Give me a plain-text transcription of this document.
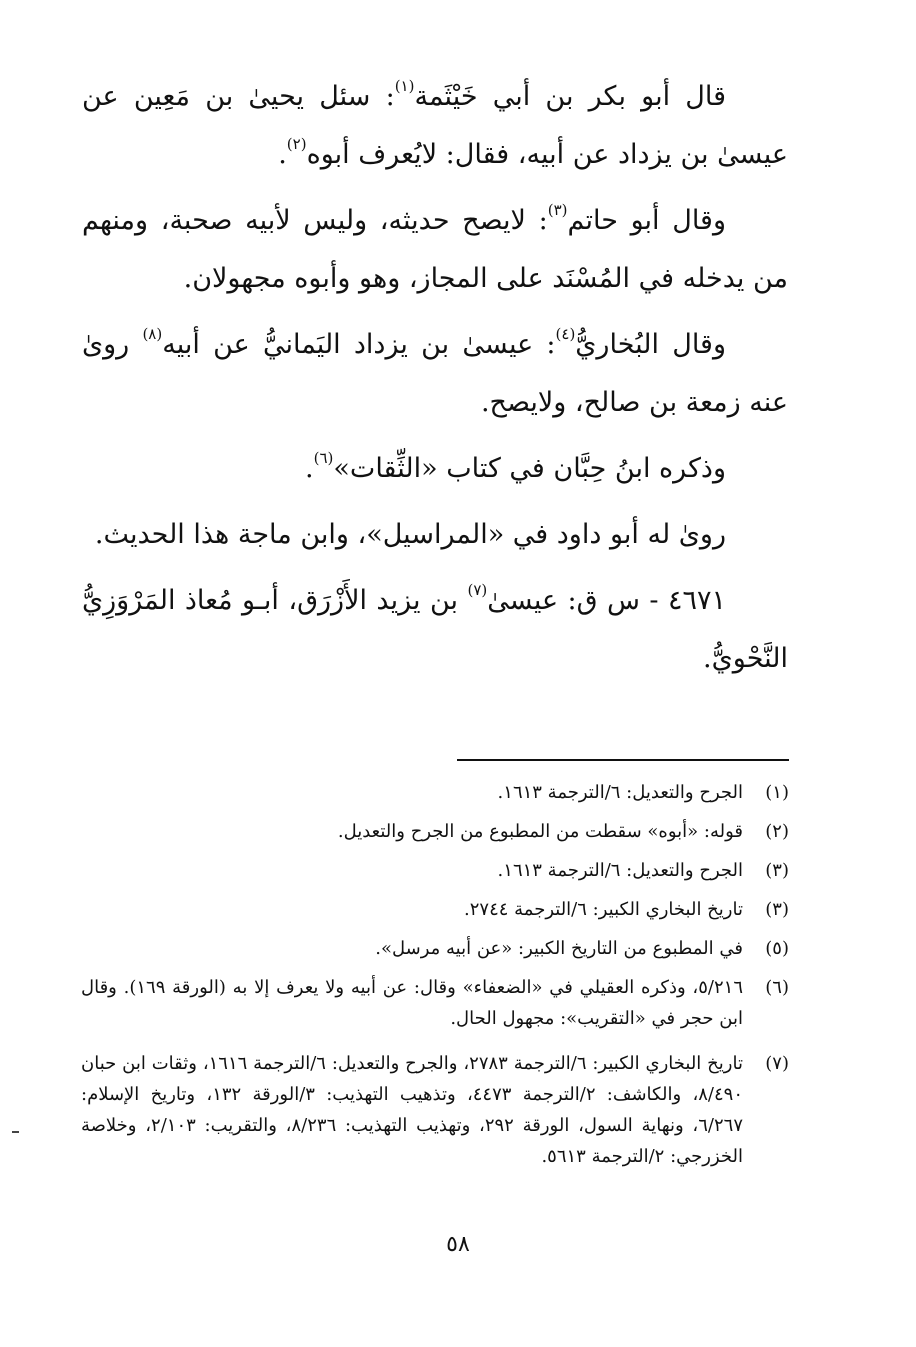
قال أبو بكر بن أبي خَيْثَمة$^{(١)}$: سئل يحيىٰ بن مَعِين عن عيسىٰ بن يزداد عن أبيه، فقال: لايُعرف أبوه$^{(٢)}$.

وقال أبو حاتم$^{(٣)}$: لايصح حديثه، وليس لأبيه صحبة، ومنهم من يدخله في المُسْنَد على المجاز، وهو وأبوه مجهولان.

وقال البُخاريُّ$^{(٤)}$: عيسىٰ بن يزداد اليَمانيُّ عن أبيه$^{(٨)}$ روىٰ عنه زمعة بن صالح، ولايصح.

وذكره ابنُ حِبَّان في كتاب «الثِّقات»$^{(٦)}$.

روىٰ له أبو داود في «المراسيل»، وابن ماجة هذا الحديث.

٤٦٧١ - س ق: عيسىٰ$^{(٧)}$ بن يزيد الأَزْرَق، أبـو مُعاذ المَرْوَزِيُّ النَّحْويُّ.

(١)
الجرح والتعديل: ٦/الترجمة ١٦١٣.
(٢)
قوله: «أبوه» سقطت من المطبوع من الجرح والتعديل.
(٣)
الجرح والتعديل: ٦/الترجمة ١٦١٣.
(٣)
تاريخ البخاري الكبير: ٦/الترجمة ٢٧٤٤.
(٥)
في المطبوع من التاريخ الكبير: «عن أبيه مرسل».
(٦)
٥/٢١٦، وذكره العقيلي في «الضعفاء» وقال: عن أبيه ولا يعرف إلا به (الورقة ١٦٩). وقال ابن حجر في «التقريب»: مجهول الحال.
(٧)
تاريخ البخاري الكبير: ٦/الترجمة ٢٧٨٣، والجرح والتعديل: ٦/الترجمة ١٦١٦، وثقات ابن حبان ٨/٤٩٠، والكاشف: ٢/الترجمة ٤٤٧٣، وتذهيب التهذيب: ٣/الورقة ١٣٢، وتاريخ الإسلام: ٦/٢٦٧، ونهاية السول، الورقة ٢٩٢، وتهذيب التهذيب: ٨/٢٣٦، والتقريب: ٢/١٠٣، وخلاصة الخزرجي: ٢/الترجمة ٥٦١٣.
٥٨
